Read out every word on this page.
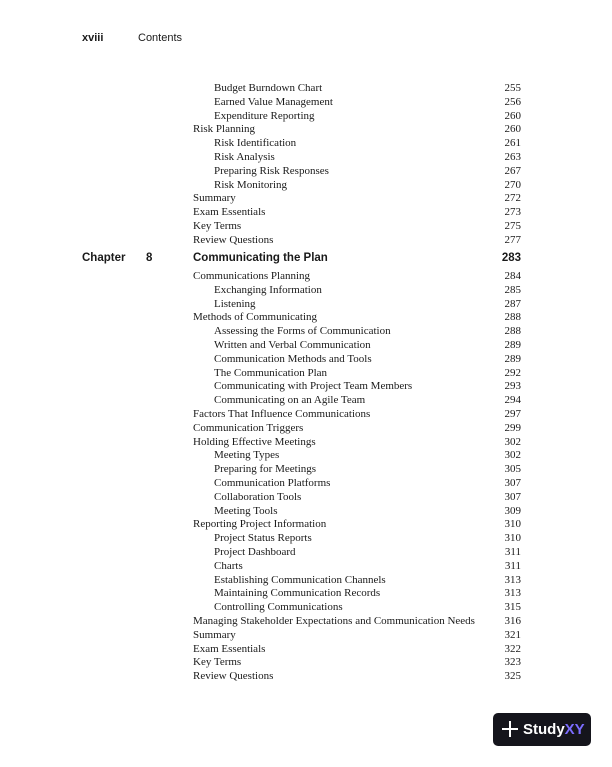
xviii	Contents
Budget Burndown Chart	255
Earned Value Management	256
Expenditure Reporting	260
Risk Planning	260
Risk Identification	261
Risk Analysis	263
Preparing Risk Responses	267
Risk Monitoring	270
Summary	272
Exam Essentials	273
Key Terms	275
Review Questions	277
Chapter 8	Communicating the Plan	283
Communications Planning	284
Exchanging Information	285
Listening	287
Methods of Communicating	288
Assessing the Forms of Communication	288
Written and Verbal Communication	289
Communication Methods and Tools	289
The Communication Plan	292
Communicating with Project Team Members	293
Communicating on an Agile Team	294
Factors That Influence Communications	297
Communication Triggers	299
Holding Effective Meetings	302
Meeting Types	302
Preparing for Meetings	305
Communication Platforms	307
Collaboration Tools	307
Meeting Tools	309
Reporting Project Information	310
Project Status Reports	310
Project Dashboard	311
Charts	311
Establishing Communication Channels	313
Maintaining Communication Records	313
Controlling Communications	315
Managing Stakeholder Expectations and Communication Needs	316
Summary	321
Exam Essentials	322
Key Terms	323
Review Questions	325
StudyXY
